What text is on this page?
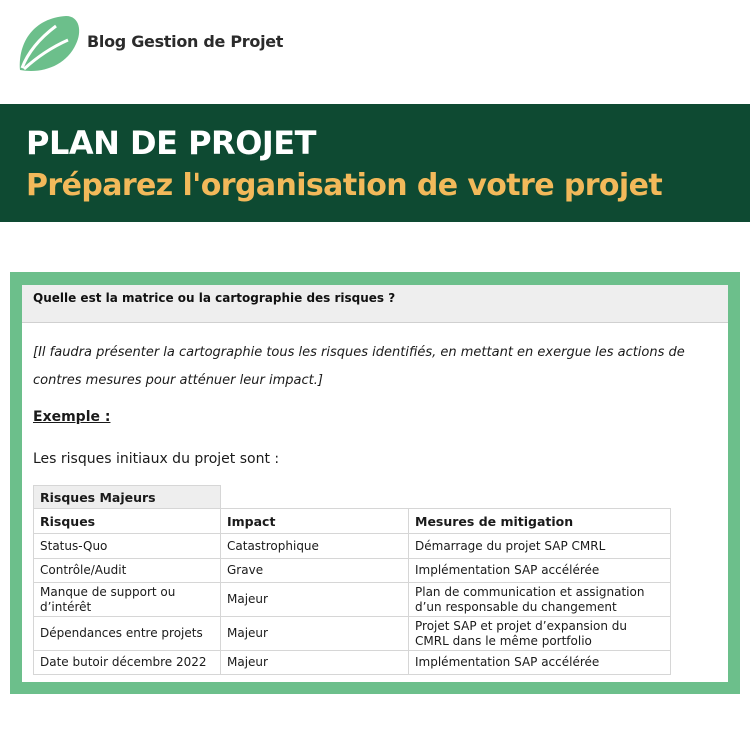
Blog Gestion de Projet
PLAN DE PROJET
Préparez l'organisation de votre projet
Quelle est la matrice ou la cartographie des risques ?
[Il faudra présenter la cartographie tous les risques identifiés, en mettant en exergue les actions de contres mesures pour atténuer leur impact.]
Exemple :
Les risques initiaux du projet sont :
Risques Majeurs		
Risques	Impact	Mesures de mitigation
Status-Quo	Catastrophique	Démarrage du projet SAP CMRL
Contrôle/Audit	Grave	Implémentation SAP accélérée
Manque de support ou d’intérêt	Majeur	Plan de communication et assignation d’un responsable du changement
Dépendances entre projets	Majeur	Projet SAP et projet d’expansion du CMRL dans le même portfolio
Date butoir décembre 2022	Majeur	Implémentation SAP accélérée
